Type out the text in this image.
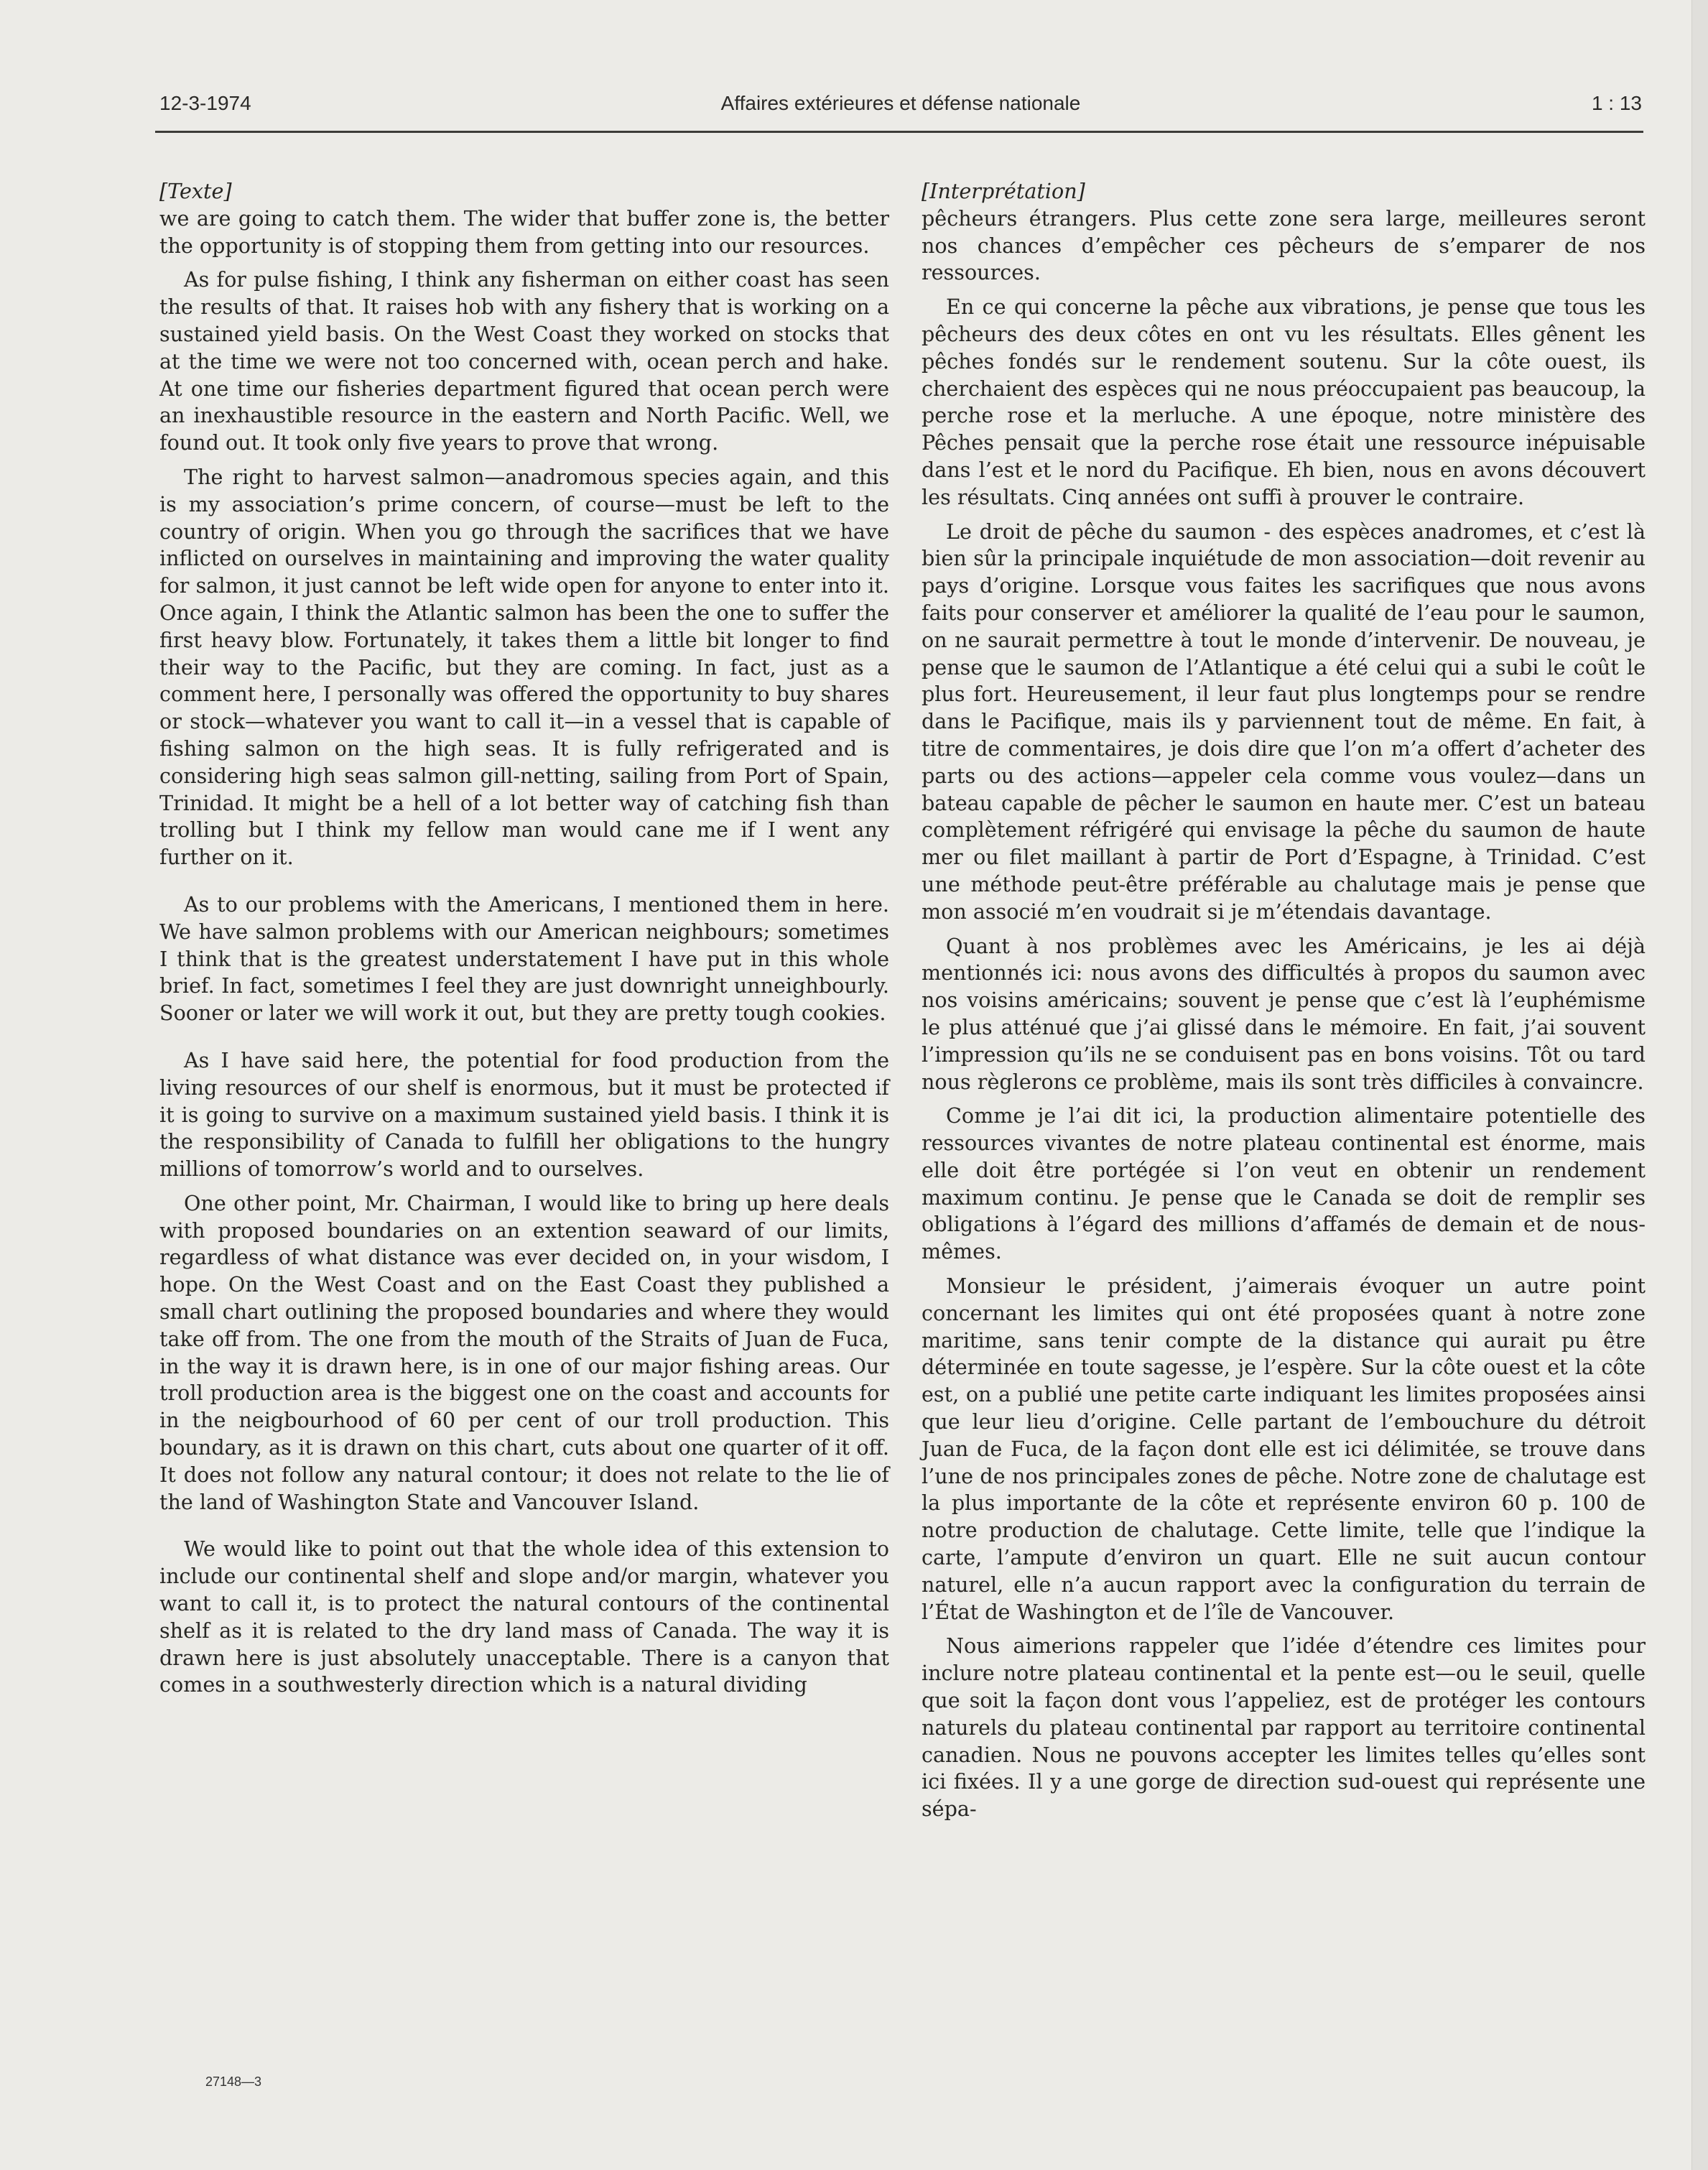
12-3-1974	Affaires extérieures et défense nationale	1 : 13
[Texte]

we are going to catch them. The wider that buffer zone is, the better the opportunity is of stopping them from getting into our resources.

As for pulse fishing, I think any fisherman on either coast has seen the results of that. It raises hob with any fishery that is working on a sustained yield basis. On the West Coast they worked on stocks that at the time we were not too concerned with, ocean perch and hake. At one time our fisheries department figured that ocean perch were an inexhaustible resource in the eastern and North Pacific. Well, we found out. It took only five years to prove that wrong.

The right to harvest salmon—anadromous species again, and this is my association’s prime concern, of course—must be left to the country of origin. When you go through the sacrifices that we have inflicted on ourselves in maintaining and improving the water quality for salmon, it just cannot be left wide open for anyone to enter into it. Once again, I think the Atlantic salmon has been the one to suffer the first heavy blow. Fortunately, it takes them a little bit longer to find their way to the Pacific, but they are coming. In fact, just as a comment here, I personally was offered the opportunity to buy shares or stock—whatever you want to call it—in a vessel that is capable of fishing salmon on the high seas. It is fully refrigerated and is considering high seas salmon gill-netting, sailing from Port of Spain, Trinidad. It might be a hell of a lot better way of catching fish than trolling but I think my fellow man would cane me if I went any further on it.

As to our problems with the Americans, I mentioned them in here. We have salmon problems with our American neighbours; sometimes I think that is the greatest understatement I have put in this whole brief. In fact, sometimes I feel they are just downright unneighbourly. Sooner or later we will work it out, but they are pretty tough cookies.

As I have said here, the potential for food production from the living resources of our shelf is enormous, but it must be protected if it is going to survive on a maximum sustained yield basis. I think it is the responsibility of Canada to fulfill her obligations to the hungry millions of tomorrow’s world and to ourselves.

One other point, Mr. Chairman, I would like to bring up here deals with proposed boundaries on an extention seaward of our limits, regardless of what distance was ever decided on, in your wisdom, I hope. On the West Coast and on the East Coast they published a small chart outlining the proposed boundaries and where they would take off from. The one from the mouth of the Straits of Juan de Fuca, in the way it is drawn here, is in one of our major fishing areas. Our troll production area is the biggest one on the coast and accounts for in the neigbourhood of 60 per cent of our troll production. This boundary, as it is drawn on this chart, cuts about one quarter of it off. It does not follow any natural contour; it does not relate to the lie of the land of Washington State and Vancouver Island.

We would like to point out that the whole idea of this extension to include our continental shelf and slope and/or margin, whatever you want to call it, is to protect the natural contours of the continental shelf as it is related to the dry land mass of Canada. The way it is drawn here is just absolutely unacceptable. There is a canyon that comes in a southwesterly direction which is a natural dividing

[Interprétation]

pêcheurs étrangers. Plus cette zone sera large, meilleures seront nos chances d’empêcher ces pêcheurs de s’emparer de nos ressources.

En ce qui concerne la pêche aux vibrations, je pense que tous les pêcheurs des deux côtes en ont vu les résultats. Elles gênent les pêches fondés sur le rendement soutenu. Sur la côte ouest, ils cherchaient des espèces qui ne nous préoccupaient pas beaucoup, la perche rose et la merluche. A une époque, notre ministère des Pêches pensait que la perche rose était une ressource inépuisable dans l’est et le nord du Pacifique. Eh bien, nous en avons découvert les résultats. Cinq années ont suffi à prouver le contraire.

Le droit de pêche du saumon - des espèces anadromes, et c’est là bien sûr la principale inquiétude de mon association—doit revenir au pays d’origine. Lorsque vous faites les sacrifiques que nous avons faits pour conserver et améliorer la qualité de l’eau pour le saumon, on ne saurait permettre à tout le monde d’intervenir. De nouveau, je pense que le saumon de l’Atlantique a été celui qui a subi le coût le plus fort. Heureusement, il leur faut plus longtemps pour se rendre dans le Pacifique, mais ils y parviennent tout de même. En fait, à titre de commentaires, je dois dire que l’on m’a offert d’acheter des parts ou des actions—appeler cela comme vous voulez—dans un bateau capable de pêcher le saumon en haute mer. C’est un bateau complètement réfrigéré qui envisage la pêche du saumon de haute mer ou filet maillant à partir de Port d’Espagne, à Trinidad. C’est une méthode peut-être préférable au chalutage mais je pense que mon associé m’en voudrait si je m’étendais davantage.

Quant à nos problèmes avec les Américains, je les ai déjà mentionnés ici: nous avons des difficultés à propos du saumon avec nos voisins américains; souvent je pense que c’est là l’euphémisme le plus atténué que j’ai glissé dans le mémoire. En fait, j’ai souvent l’impression qu’ils ne se conduisent pas en bons voisins. Tôt ou tard nous règlerons ce problème, mais ils sont très difficiles à convaincre.

Comme je l’ai dit ici, la production alimentaire potentielle des ressources vivantes de notre plateau continental est énorme, mais elle doit être portégée si l’on veut en obtenir un rendement maximum continu. Je pense que le Canada se doit de remplir ses obligations à l’égard des millions d’affamés de demain et de nous-mêmes.

Monsieur le président, j’aimerais évoquer un autre point concernant les limites qui ont été proposées quant à notre zone maritime, sans tenir compte de la distance qui aurait pu être déterminée en toute sagesse, je l’espère. Sur la côte ouest et la côte est, on a publié une petite carte indiquant les limites proposées ainsi que leur lieu d’origine. Celle partant de l’embouchure du détroit Juan de Fuca, de la façon dont elle est ici délimitée, se trouve dans l’une de nos principales zones de pêche. Notre zone de chalutage est la plus importante de la côte et représente environ 60 p. 100 de notre production de chalutage. Cette limite, telle que l’indique la carte, l’ampute d’environ un quart. Elle ne suit aucun contour naturel, elle n’a aucun rapport avec la configuration du terrain de l’État de Washington et de l’île de Vancouver.

Nous aimerions rappeler que l’idée d’étendre ces limites pour inclure notre plateau continental et la pente est—ou le seuil, quelle que soit la façon dont vous l’appeliez, est de protéger les contours naturels du plateau continental par rapport au territoire continental canadien. Nous ne pouvons accepter les limites telles qu’elles sont ici fixées. Il y a une gorge de direction sud-ouest qui représente une sépa-

27148—3
